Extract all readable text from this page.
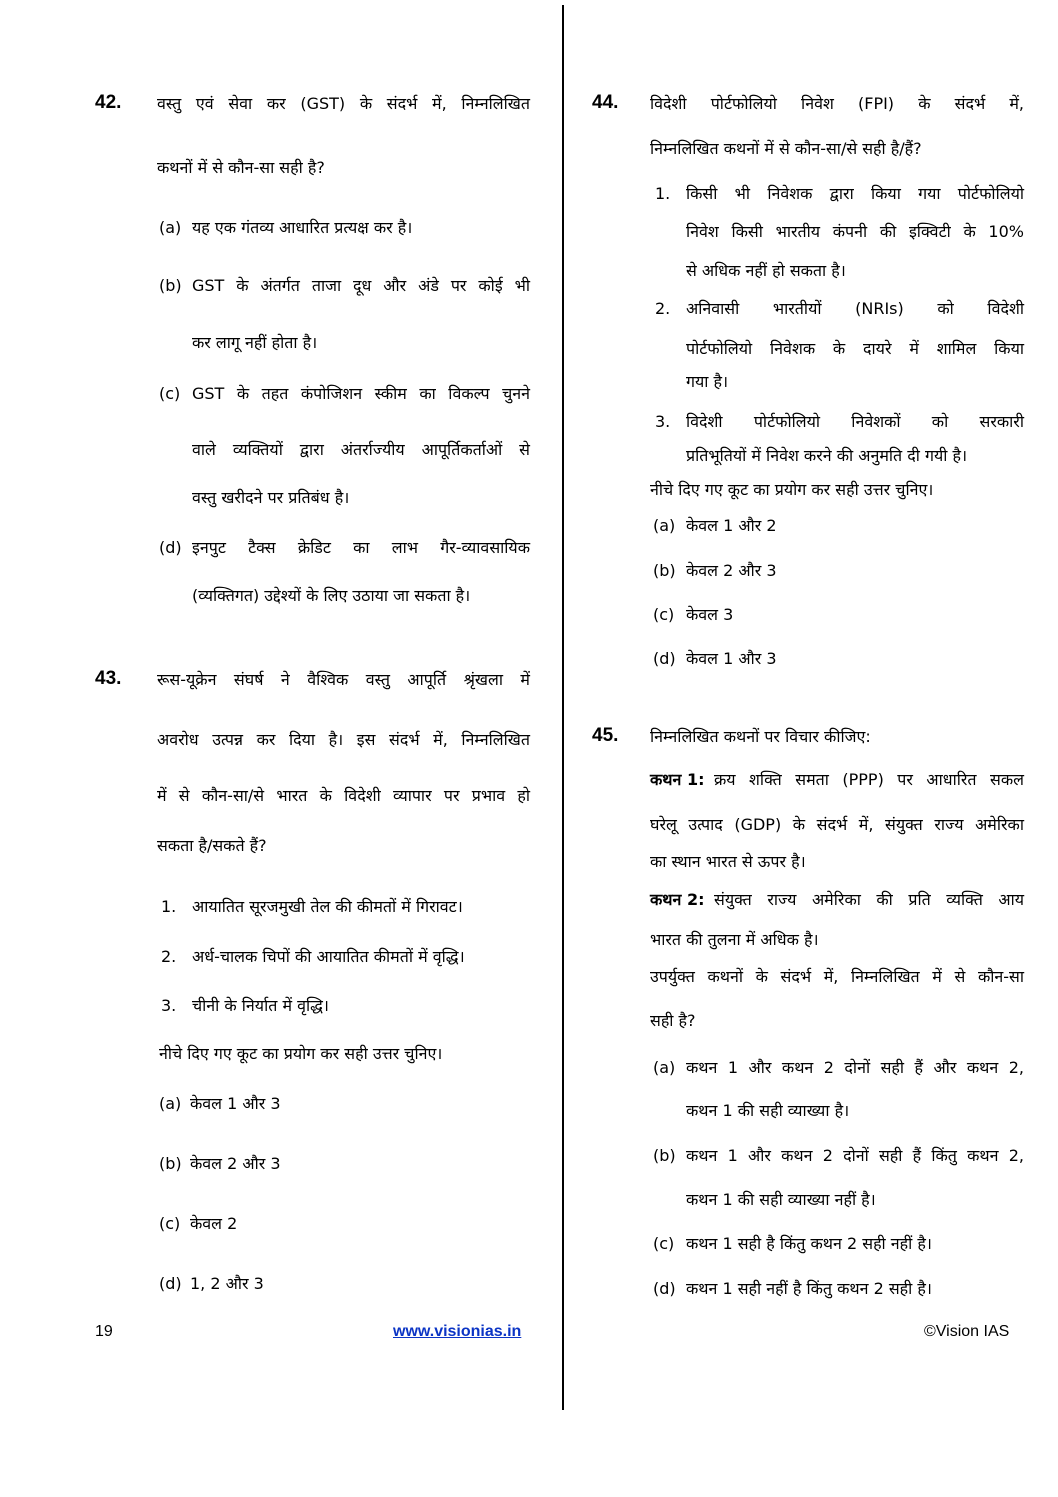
42. वस्तु एवं सेवा कर (GST) के संदर्भ में, निम्नलिखित
कथनों में से कौन-सा सही है?
(a) यह एक गंतव्य आधारित प्रत्यक्ष कर है।
(b) GST के अंतर्गत ताजा दूध और अंडे पर कोई भी
कर लागू नहीं होता है।
(c) GST के तहत कंपोजिशन स्कीम का विकल्प चुनने
वाले व्यक्तियों द्वारा अंतर्राज्यीय आपूर्तिकर्ताओं से
वस्तु खरीदने पर प्रतिबंध है।
(d) इनपुट टैक्स क्रेडिट का लाभ गैर-व्यावसायिक
(व्यक्तिगत) उद्देश्यों के लिए उठाया जा सकता है।
43. रूस-यूक्रेन संघर्ष ने वैश्विक वस्तु आपूर्ति श्रृंखला में
अवरोध उत्पन्न कर दिया है। इस संदर्भ में, निम्नलिखित
में से कौन-सा/से भारत के विदेशी व्यापार पर प्रभाव हो
सकता है/सकते हैं?
1. आयातित सूरजमुखी तेल की कीमतों में गिरावट।
2. अर्ध-चालक चिपों की आयातित कीमतों में वृद्धि।
3. चीनी के निर्यात में वृद्धि।
नीचे दिए गए कूट का प्रयोग कर सही उत्तर चुनिए।
(a) केवल 1 और 3
(b) केवल 2 और 3
(c) केवल 2
(d) 1, 2 और 3
44. विदेशी पोर्टफोलियो निवेश (FPI) के संदर्भ में,
निम्नलिखित कथनों में से कौन-सा/से सही है/हैं?
1. किसी भी निवेशक द्वारा किया गया पोर्टफोलियो
निवेश किसी भारतीय कंपनी की इक्विटी के 10%
से अधिक नहीं हो सकता है।
2. अनिवासी भारतीयों (NRIs) को विदेशी
पोर्टफोलियो निवेशक के दायरे में शामिल किया
गया है।
3. विदेशी पोर्टफोलियो निवेशकों को सरकारी
प्रतिभूतियों में निवेश करने की अनुमति दी गयी है।
नीचे दिए गए कूट का प्रयोग कर सही उत्तर चुनिए।
(a) केवल 1 और 2
(b) केवल 2 और 3
(c) केवल 3
(d) केवल 1 और 3
45. निम्नलिखित कथनों पर विचार कीजिए:
कथन 1: क्रय शक्ति समता (PPP) पर आधारित सकल
घरेलू उत्पाद (GDP) के संदर्भ में, संयुक्त राज्य अमेरिका
का स्थान भारत से ऊपर है।
कथन 2: संयुक्त राज्य अमेरिका की प्रति व्यक्ति आय
भारत की तुलना में अधिक है।
उपर्युक्त कथनों के संदर्भ में, निम्नलिखित में से कौन-सा
सही है?
(a) कथन 1 और कथन 2 दोनों सही हैं और कथन 2,
कथन 1 की सही व्याख्या है।
(b) कथन 1 और कथन 2 दोनों सही हैं किंतु कथन 2,
कथन 1 की सही व्याख्या नहीं है।
(c) कथन 1 सही है किंतु कथन 2 सही नहीं है।
(d) कथन 1 सही नहीं है किंतु कथन 2 सही है।
19	www.visionias.in	©Vision IAS
